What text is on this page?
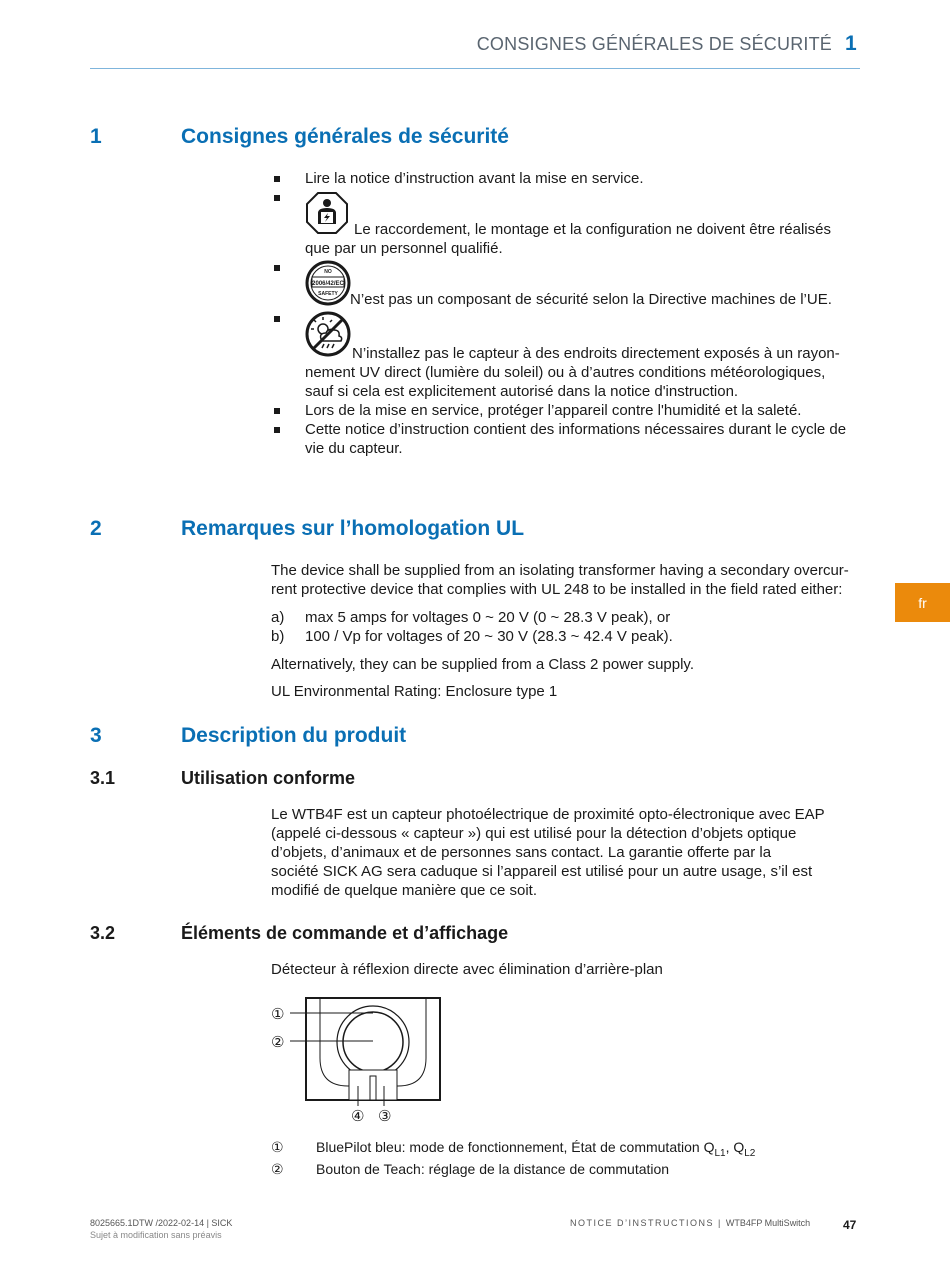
CONSIGNES GÉNÉRALES DE SÉCURITÉ 1
fr
1	Consignes générales de sécurité
Lire la notice d’instruction avant la mise en service.
Le raccordement, le montage et la configuration ne doivent être réalisés
que par un personnel qualifié.
NO
2006/42/EC
SAFETY N’est pas un composant de sécurité selon la Directive machines de l’UE.
N’installez pas le capteur à des endroits directement exposés à un rayon-
nement UV direct (lumière du soleil) ou à d’autres conditions météorologiques,
sauf si cela est explicitement autorisé dans la notice d'instruction.
Lors de la mise en service, protéger l’appareil contre l'humidité et la saleté.
Cette notice d’instruction contient des informations nécessaires durant le cycle de
vie du capteur.
2	Remarques sur l’homologation UL
The device shall be supplied from an isolating transformer having a secondary overcur-
rent protective device that complies with UL 248 to be installed in the field rated either:
a) max 5 amps for voltages 0 ~ 20 V (0 ~ 28.3 V peak), or
b) 100 / Vp for voltages of 20 ~ 30 V (28.3 ~ 42.4 V peak).
Alternatively, they can be supplied from a Class 2 power supply.
UL Environmental Rating: Enclosure type 1
3	Description du produit
3.1	Utilisation conforme
Le WTB4F est un capteur photoélectrique de proximité opto-électronique avec EAP
(appelé ci-dessous « capteur ») qui est utilisé pour la détection d’objets optique
d’objets, d’animaux et de personnes sans contact. La garantie offerte par la
société SICK AG sera caduque si l’appareil est utilisé pour un autre usage, s’il est
modifié de quelque manière que ce soit.
3.2	Éléments de commande et d’affichage
Détecteur à réflexion directe avec élimination d’arrière-plan
①
②
④ ③
① BluePilot bleu: mode de fonctionnement, État de commutation $Q_{L1}$, $Q_{L2}$
② Bouton de Teach: réglage de la distance de commutation
8025665.1DTW /2022-02-14 | SICK
Sujet à modification sans préavis
NOTICE D’INSTRUCTIONS | WTB4FP MultiSwitch	47
